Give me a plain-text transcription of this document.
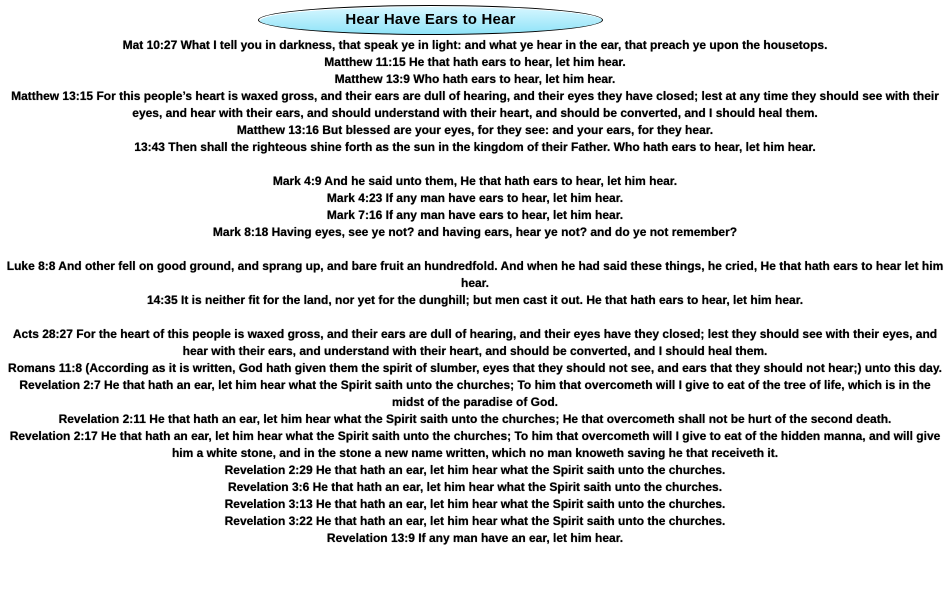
Hear Have Ears to Hear

Mat 10:27 What I tell you in darkness, that speak ye in light: and what ye hear in the ear, that preach ye upon the housetops.

Matthew 11:15 He that hath ears to hear, let him hear.

Matthew 13:9 Who hath ears to hear, let him hear.

Matthew 13:15 For this people’s heart is waxed gross, and their ears are dull of hearing, and their eyes they have closed; lest at any time they should see with their eyes, and hear with their ears, and should understand with their heart, and should be converted, and I should heal them.

Matthew 13:16 But blessed are your eyes, for they see: and your ears, for they hear.

13:43 Then shall the righteous shine forth as the sun in the kingdom of their Father. Who hath ears to hear, let him hear.

Mark 4:9 And he said unto them, He that hath ears to hear, let him hear.

Mark 4:23 If any man have ears to hear, let him hear.

Mark 7:16 If any man have ears to hear, let him hear.

Mark 8:18 Having eyes, see ye not? and having ears, hear ye not? and do ye not remember?

Luke 8:8 And other fell on good ground, and sprang up, and bare fruit an hundredfold. And when he had said these things, he cried, He that hath ears to hear let him hear.

14:35 It is neither fit for the land, nor yet for the dunghill; but men cast it out. He that hath ears to hear, let him hear.

Acts 28:27 For the heart of this people is waxed gross, and their ears are dull of hearing, and their eyes have they closed; lest they should see with their eyes, and hear with their ears, and understand with their heart, and should be converted, and I should heal them.

Romans 11:8 (According as it is written, God hath given them the spirit of slumber, eyes that they should not see, and ears that they should not hear;) unto this day.

Revelation 2:7 He that hath an ear, let him hear what the Spirit saith unto the churches; To him that overcometh will I give to eat of the tree of life, which is in the midst of the paradise of God.

Revelation 2:11 He that hath an ear, let him hear what the Spirit saith unto the churches; He that overcometh shall not be hurt of the second death.

Revelation 2:17 He that hath an ear, let him hear what the Spirit saith unto the churches; To him that overcometh will I give to eat of the hidden manna, and will give him a white stone, and in the stone a new name written, which no man knoweth saving he that receiveth it.

Revelation 2:29 He that hath an ear, let him hear what the Spirit saith unto the churches.

Revelation 3:6 He that hath an ear, let him hear what the Spirit saith unto the churches.

Revelation 3:13 He that hath an ear, let him hear what the Spirit saith unto the churches.

Revelation 3:22 He that hath an ear, let him hear what the Spirit saith unto the churches.

Revelation 13:9 If any man have an ear, let him hear.
